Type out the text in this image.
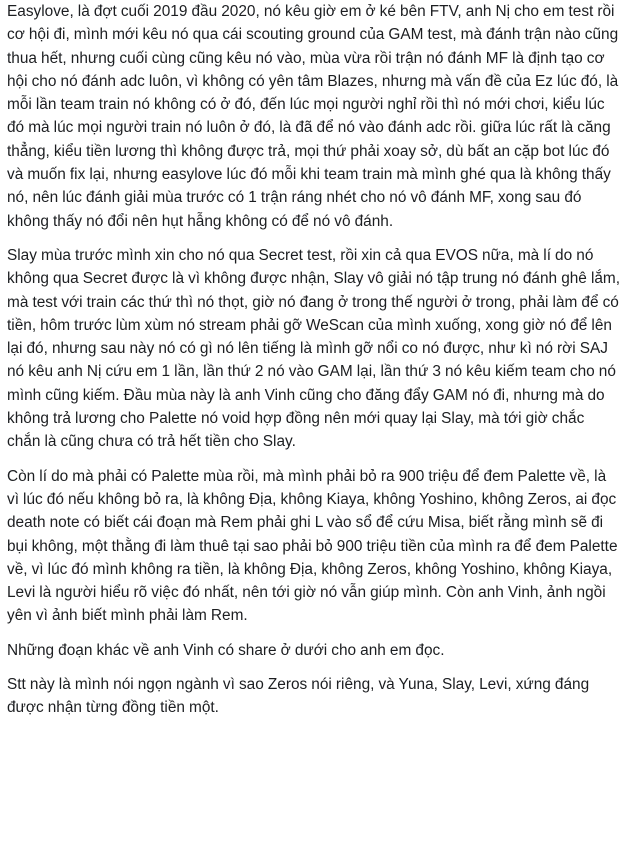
Easylove, là đợt cuối 2019 đầu 2020, nó kêu giờ em ở ké bên FTV, anh Nị cho em test rồi cơ hội đi, mình mới kêu nó qua cái scouting ground của GAM test, mà đánh trận nào cũng thua hết, nhưng cuối cùng cũng kêu nó vào, mùa vừa rồi trận nó đánh MF là định tạo cơ hội cho nó đánh adc luôn, vì không có yên tâm Blazes, nhưng mà vấn đề của Ez lúc đó, là mỗi lần team train nó không có ở đó, đến lúc mọi người nghỉ rồi thì nó mới chơi, kiểu lúc đó mà lúc mọi người train nó luôn ở đó, là đã để nó vào đánh adc rồi. giữa lúc rất là căng thẳng, kiểu tiền lương thì không được trả, mọi thứ phải xoay sở, dù bất an cặp bot lúc đó và muốn fix lại, nhưng easylove lúc đó mỗi khi team train mà mình ghé qua là không thấy nó, nên lúc đánh giải mùa trước có 1 trận ráng nhét cho nó vô đánh MF, xong sau đó không thấy nó đổi nên hụt hẫng không có để nó vô đánh.

Slay mùa trước mình xin cho nó qua Secret test, rồi xin cả qua EVOS nữa, mà lí do nó không qua Secret được là vì không được nhận, Slay vô giải nó tập trung nó đánh ghê lắm, mà test với train các thứ thì nó thọt, giờ nó đang ở trong thế người ở trong, phải làm để có tiền, hôm trước lùm xùm nó stream phải gỡ WeScan của mình xuống, xong giờ nó để lên lại đó, nhưng sau này nó có gì nó lên tiếng là mình gỡ nổi co nó được, như kì nó rời SAJ nó kêu anh Nị cứu em 1 lần, lần thứ 2 nó vào GAM lại, lần thứ 3 nó kêu kiếm team cho nó mình cũng kiếm. Đầu mùa này là anh Vinh cũng cho đăng đẩy GAM nó đi, nhưng mà do không trả lương cho Palette nó void hợp đồng nên mới quay lại Slay, mà tới giờ chắc chắn là cũng chưa có trả hết tiền cho Slay.

Còn lí do mà phải có Palette mùa rồi, mà mình phải bỏ ra 900 triệu để đem Palette về, là vì lúc đó nếu không bỏ ra, là không Địa, không Kiaya, không Yoshino, không Zeros, ai đọc death note có biết cái đoạn mà Rem phải ghi L vào sổ để cứu Misa, biết rằng mình sẽ đi bụi không, một thằng đi làm thuê tại sao phải bỏ 900 triệu tiền của mình ra để đem Palette về, vì lúc đó mình không ra tiền, là không Địa, không Zeros, không Yoshino, không Kiaya, Levi là người hiểu rõ việc đó nhất, nên tới giờ nó vẫn giúp mình. Còn anh Vinh, ảnh ngồi yên vì ảnh biết mình phải làm Rem.

Những đoạn khác về anh Vinh có share ở dưới cho anh em đọc.

Stt này là mình nói ngọn ngành vì sao Zeros nói riêng, và Yuna, Slay, Levi, xứng đáng được nhận từng đồng tiền một.
